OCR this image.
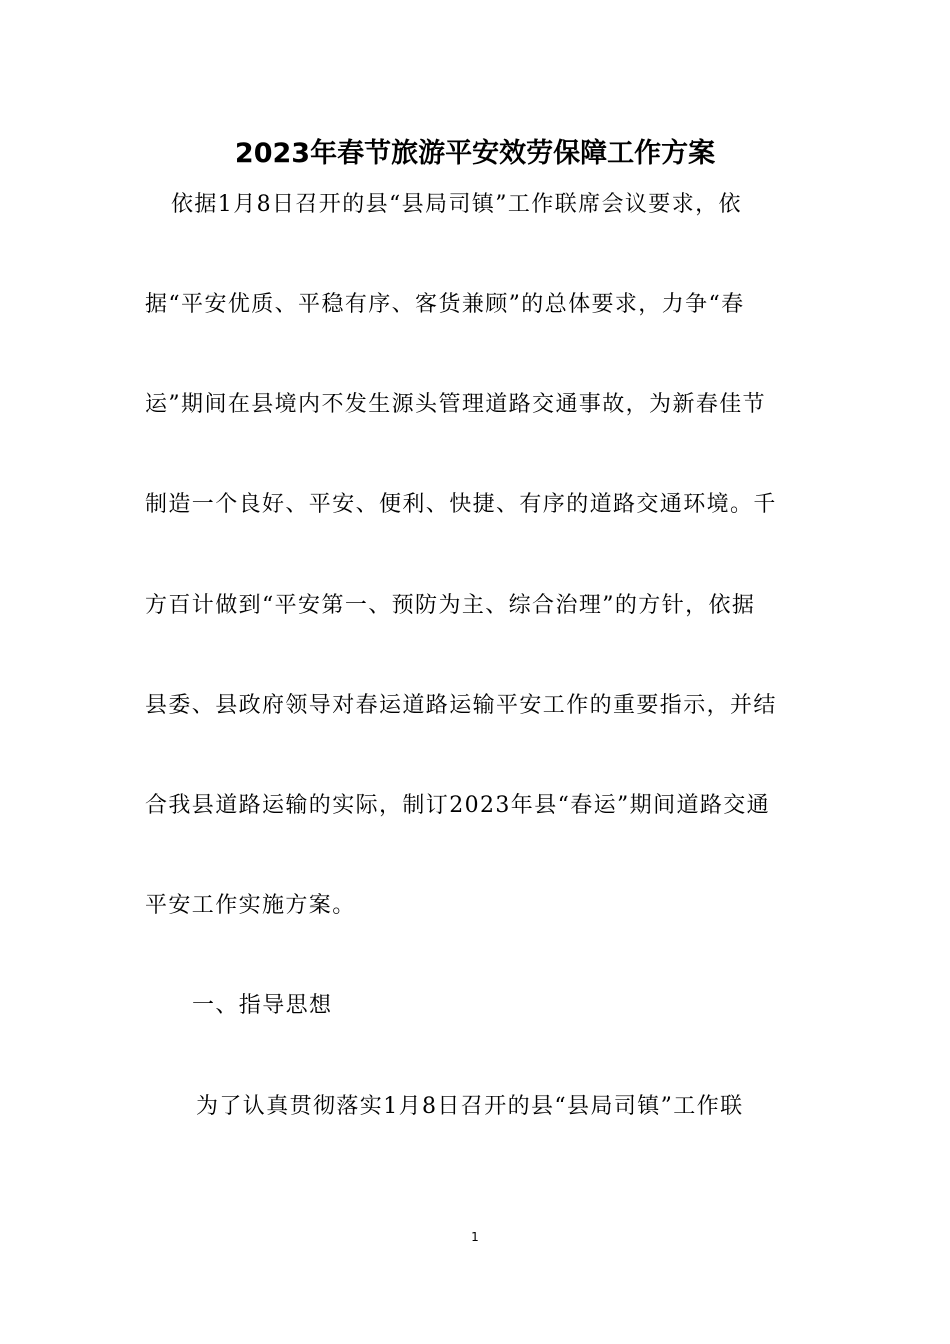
2023年春节旅游平安效劳保障工作方案
依据1月8日召开的县“县局司镇”工作联席会议要求，依
据“平安优质、平稳有序、客货兼顾”的总体要求，力争“春
运”期间在县境内不发生源头管理道路交通事故，为新春佳节
制造一个良好、平安、便利、快捷、有序的道路交通环境。千
方百计做到“平安第一、预防为主、综合治理”的方针，依据
县委、县政府领导对春运道路运输平安工作的重要指示，并结
合我县道路运输的实际，制订2023年县“春运”期间道路交通
平安工作实施方案。
一、指导思想
为了认真贯彻落实1月8日召开的县“县局司镇”工作联
1
